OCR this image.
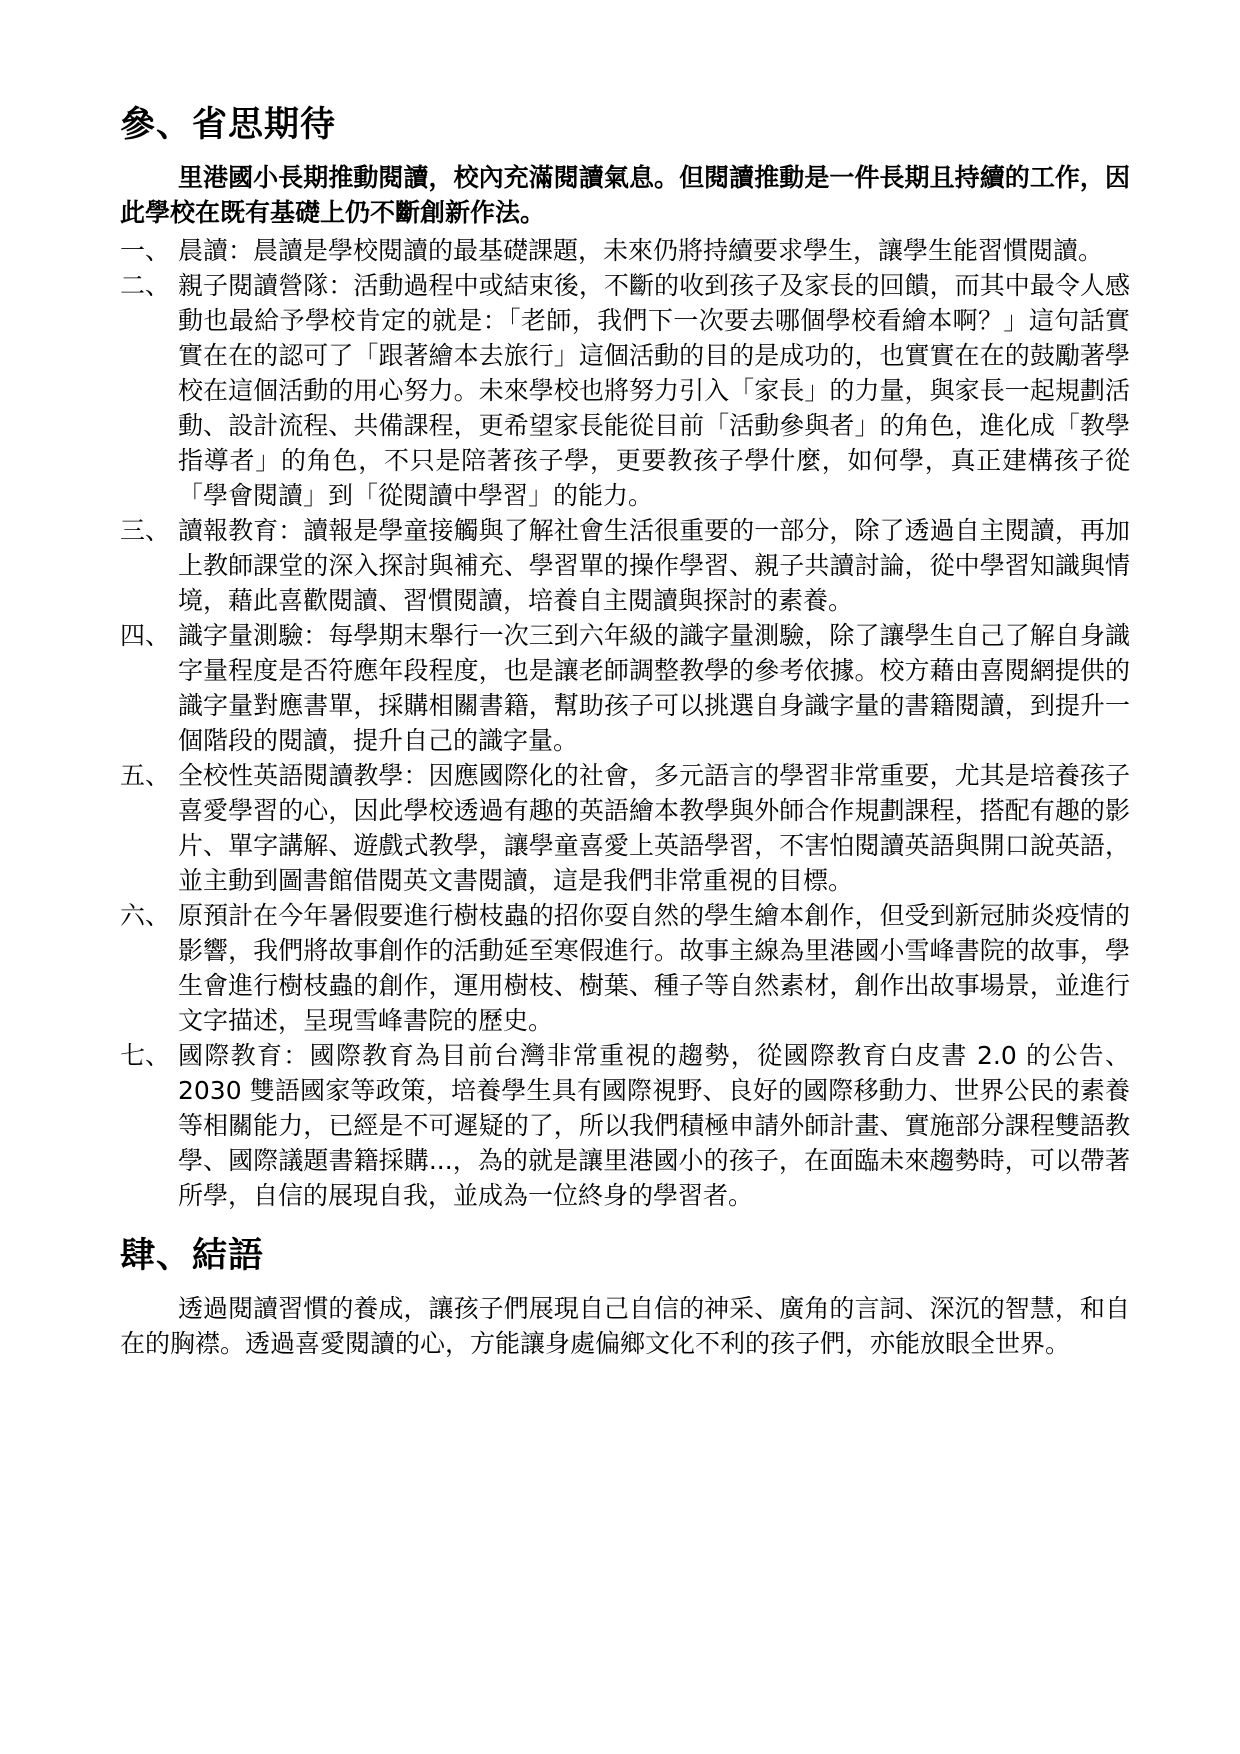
參、省思期待

里港國小長期推動閱讀，校內充滿閱讀氣息。但閱讀推動是一件長期且持續的工作，因此學校在既有基礎上仍不斷創新作法。

一、 晨讀：晨讀是學校閱讀的最基礎課題，未來仍將持續要求學生，讓學生能習慣閱讀。
二、 親子閱讀營隊：活動過程中或結束後，不斷的收到孩子及家長的回饋，而其中最令人感動也最給予學校肯定的就是：「老師，我們下一次要去哪個學校看繪本啊？」這句話實實在在的認可了「跟著繪本去旅行」這個活動的目的是成功的，也實實在在的鼓勵著學校在這個活動的用心努力。未來學校也將努力引入「家長」的力量，與家長一起規劃活動、設計流程、共備課程，更希望家長能從目前「活動參與者」的角色，進化成「教學指導者」的角色，不只是陪著孩子學，更要教孩子學什麼，如何學，真正建構孩子從「學會閱讀」到「從閱讀中學習」的能力。
三、 讀報教育：讀報是學童接觸與了解社會生活很重要的一部分，除了透過自主閱讀，再加上教師課堂的深入探討與補充、學習單的操作學習、親子共讀討論，從中學習知識與情境，藉此喜歡閱讀、習慣閱讀，培養自主閱讀與探討的素養。
四、 識字量測驗：每學期末舉行一次三到六年級的識字量測驗，除了讓學生自己了解自身識字量程度是否符應年段程度，也是讓老師調整教學的參考依據。校方藉由喜閱網提供的識字量對應書單，採購相關書籍，幫助孩子可以挑選自身識字量的書籍閱讀，到提升一個階段的閱讀，提升自己的識字量。
五、 全校性英語閱讀教學：因應國際化的社會，多元語言的學習非常重要，尤其是培養孩子喜愛學習的心，因此學校透過有趣的英語繪本教學與外師合作規劃課程，搭配有趣的影片、單字講解、遊戲式教學，讓學童喜愛上英語學習，不害怕閱讀英語與開口說英語，並主動到圖書館借閱英文書閱讀，這是我們非常重視的目標。
六、 原預計在今年暑假要進行樹枝蟲的招你耍自然的學生繪本創作，但受到新冠肺炎疫情的影響，我們將故事創作的活動延至寒假進行。故事主線為里港國小雪峰書院的故事，學生會進行樹枝蟲的創作，運用樹枝、樹葉、種子等自然素材，創作出故事場景，並進行文字描述，呈現雪峰書院的歷史。
七、 國際教育：國際教育為目前台灣非常重視的趨勢，從國際教育白皮書 2.0 的公告、2030 雙語國家等政策，培養學生具有國際視野、良好的國際移動力、世界公民的素養等相關能力，已經是不可遲疑的了，所以我們積極申請外師計畫、實施部分課程雙語教學、國際議題書籍採購...，為的就是讓里港國小的孩子，在面臨未來趨勢時，可以帶著所學，自信的展現自我，並成為一位終身的學習者。
肆、結語

透過閱讀習慣的養成，讓孩子們展現自己自信的神采、廣角的言詞、深沉的智慧，和自在的胸襟。透過喜愛閱讀的心，方能讓身處偏鄉文化不利的孩子們，亦能放眼全世界。
